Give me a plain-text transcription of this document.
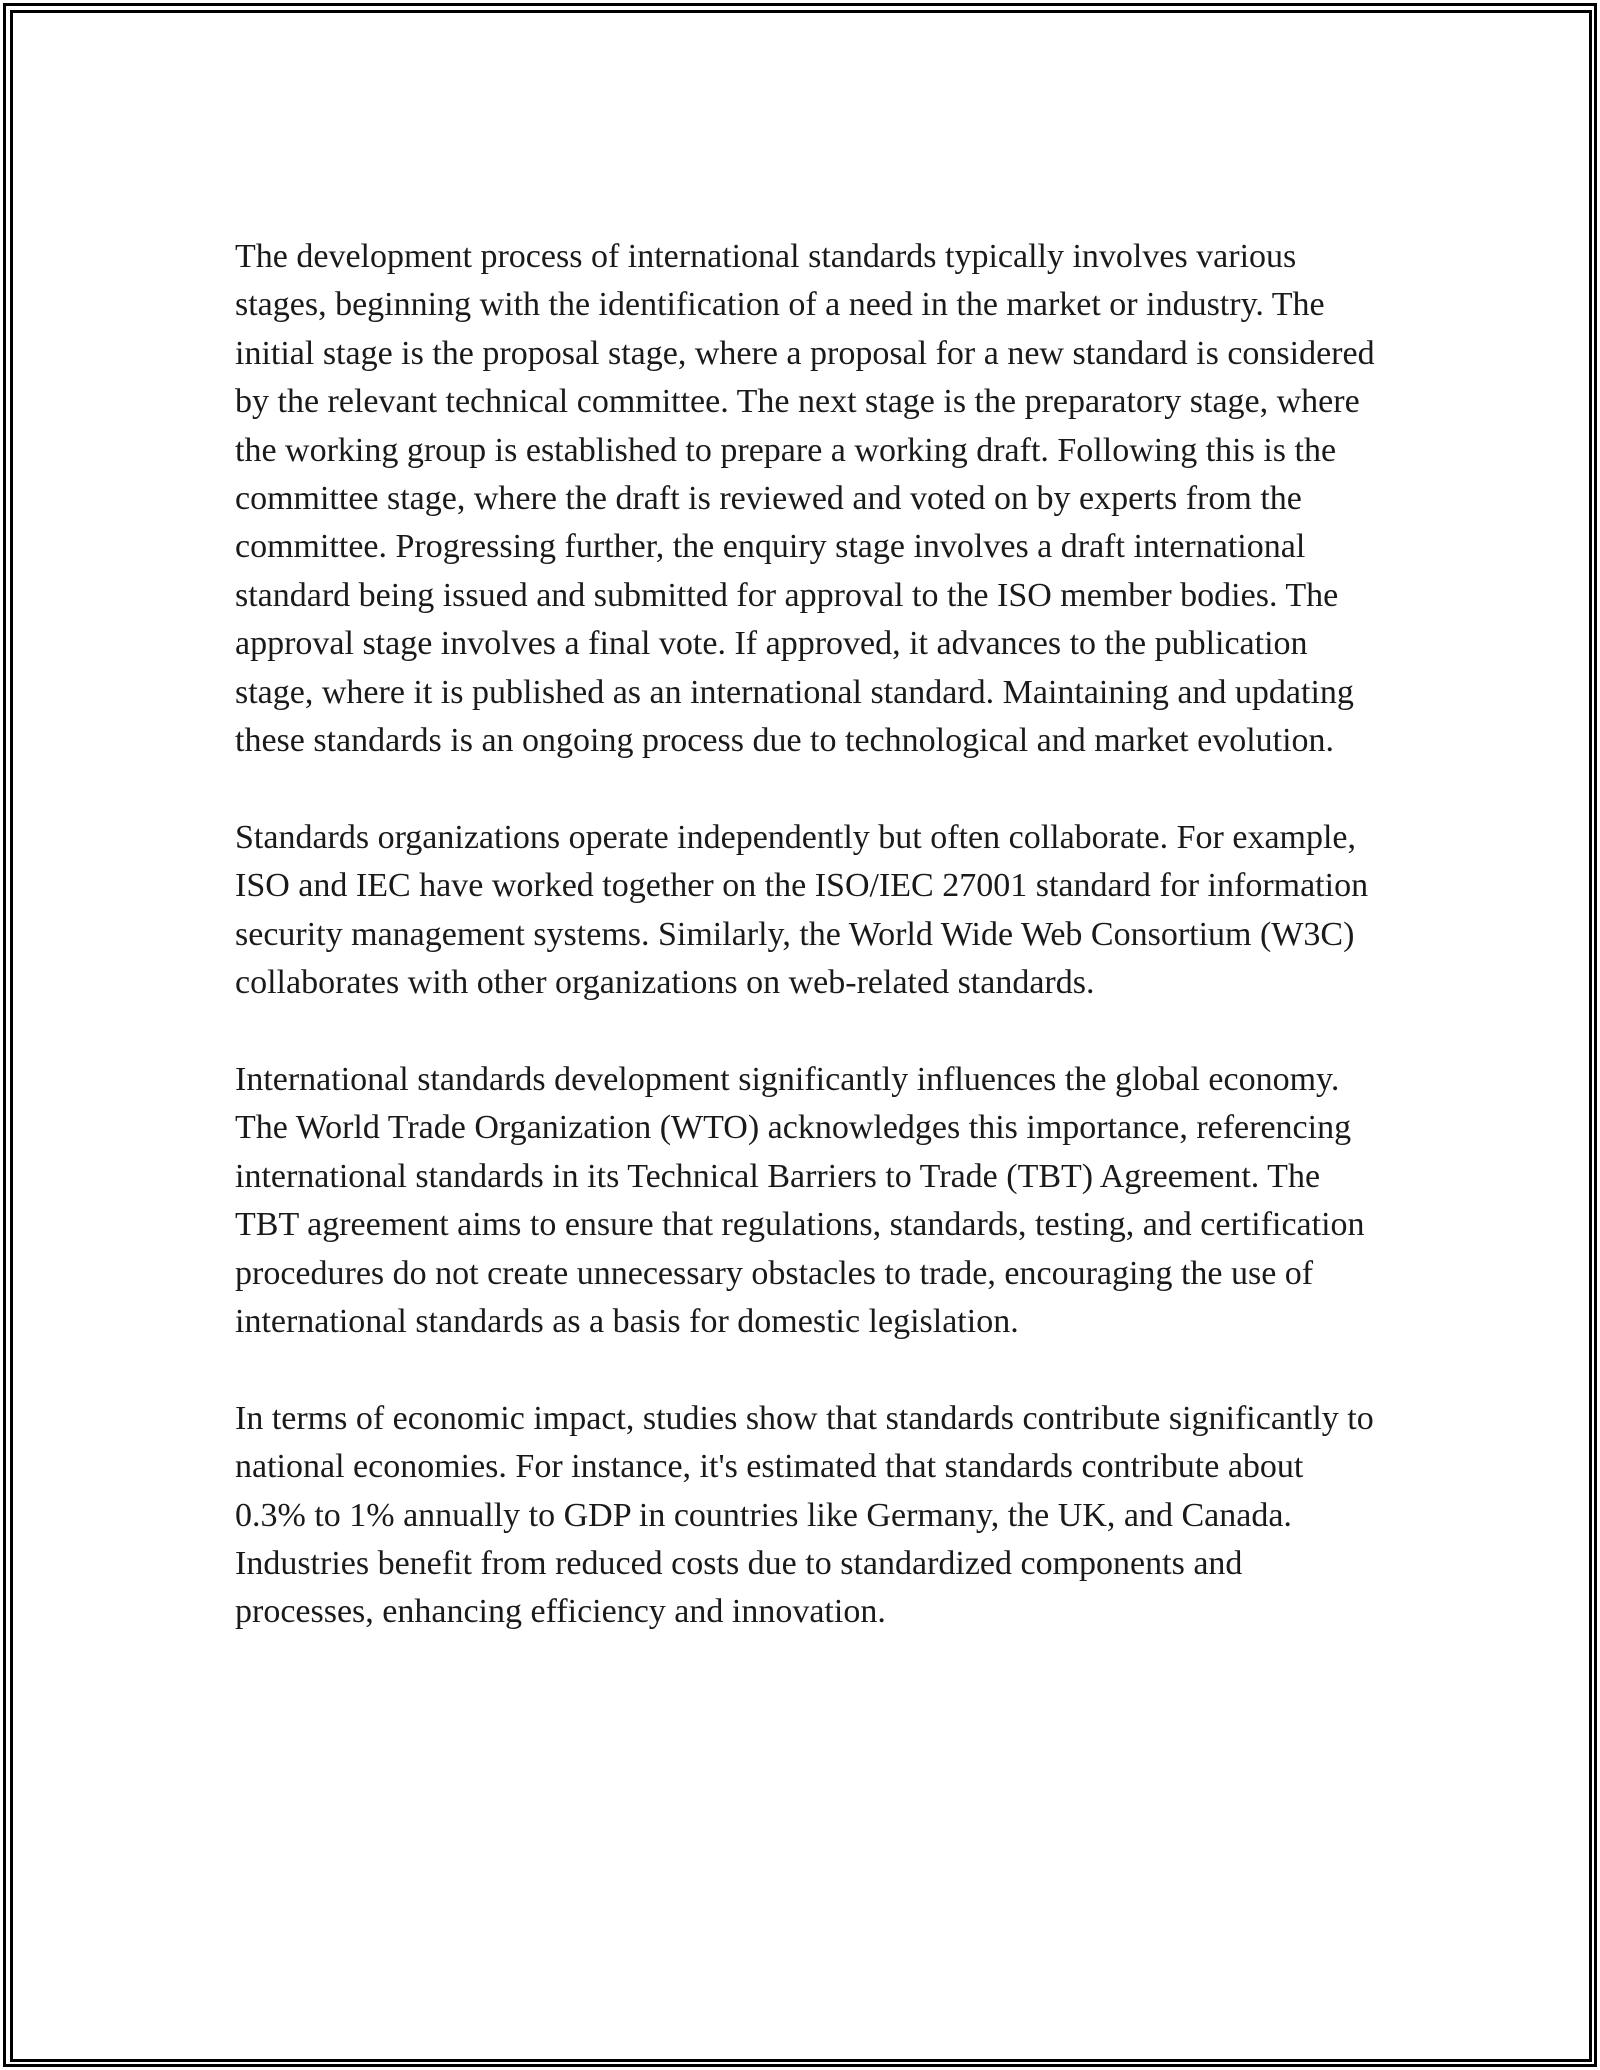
The development process of international standards typically involves various stages, beginning with the identification of a need in the market or industry. The initial stage is the proposal stage, where a proposal for a new standard is considered by the relevant technical committee. The next stage is the preparatory stage, where the working group is established to prepare a working draft. Following this is the committee stage, where the draft is reviewed and voted on by experts from the committee. Progressing further, the enquiry stage involves a draft international standard being issued and submitted for approval to the ISO member bodies. The approval stage involves a final vote. If approved, it advances to the publication stage, where it is published as an international standard. Maintaining and updating these standards is an ongoing process due to technological and market evolution.

Standards organizations operate independently but often collaborate. For example, ISO and IEC have worked together on the ISO/IEC 27001 standard for information security management systems. Similarly, the World Wide Web Consortium (W3C) collaborates with other organizations on web-related standards.

International standards development significantly influences the global economy. The World Trade Organization (WTO) acknowledges this importance, referencing international standards in its Technical Barriers to Trade (TBT) Agreement. The TBT agreement aims to ensure that regulations, standards, testing, and certification procedures do not create unnecessary obstacles to trade, encouraging the use of international standards as a basis for domestic legislation.

In terms of economic impact, studies show that standards contribute significantly to national economies. For instance, it's estimated that standards contribute about 0.3% to 1% annually to GDP in countries like Germany, the UK, and Canada. Industries benefit from reduced costs due to standardized components and processes, enhancing efficiency and innovation.
